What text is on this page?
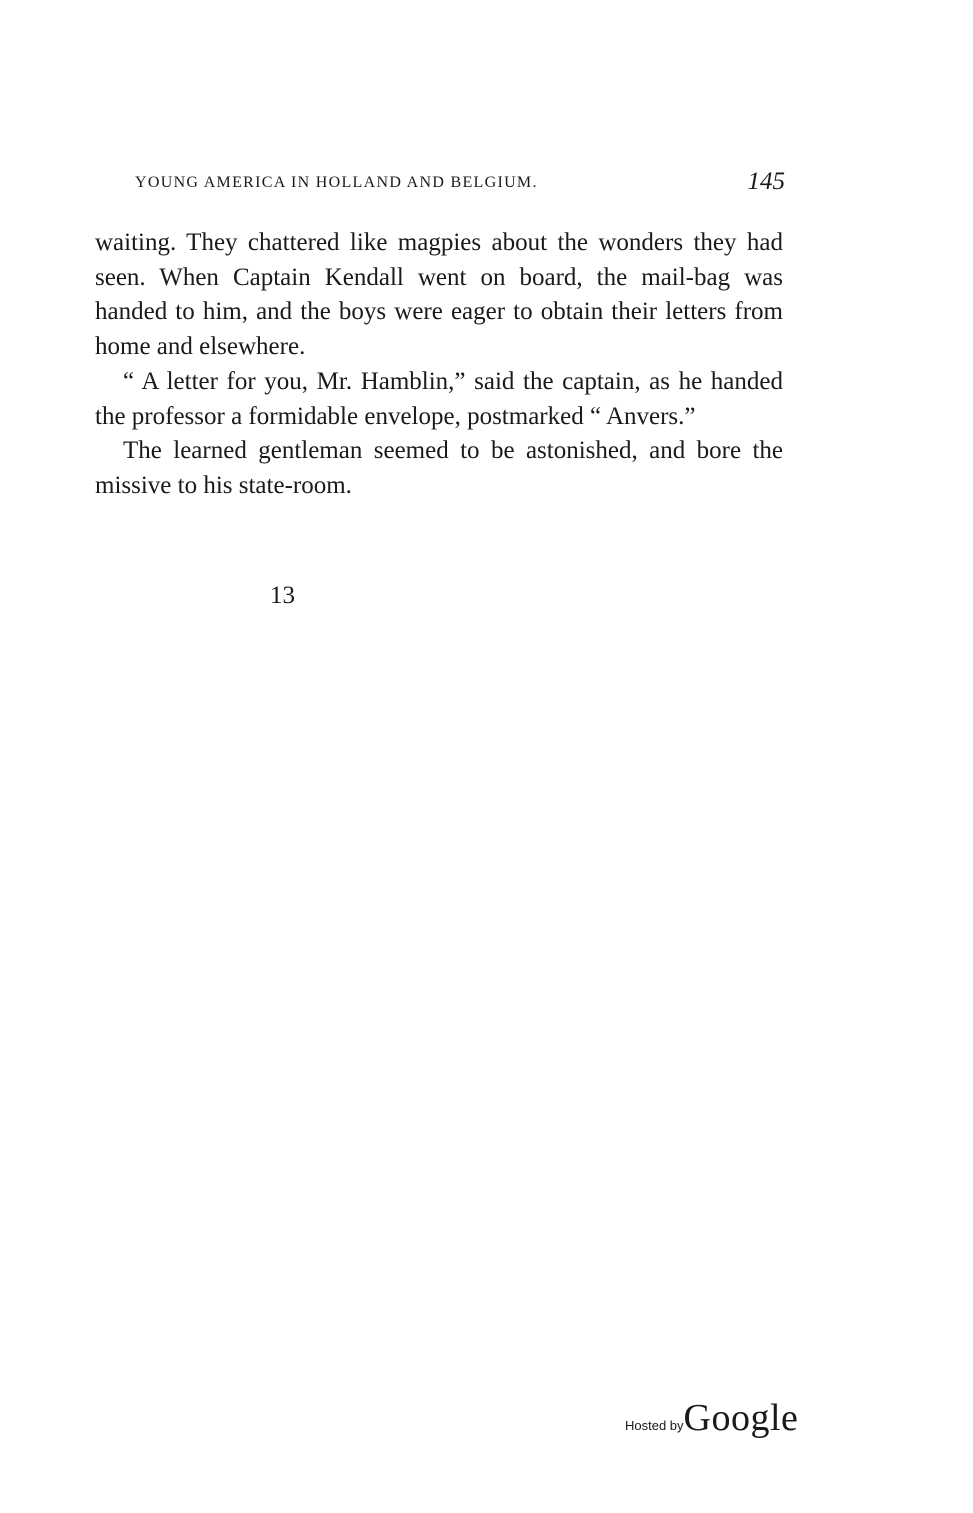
YOUNG AMERICA IN HOLLAND AND BELGIUM.	145

waiting. They chattered like magpies about the wonders they had seen. When Captain Kendall went on board, the mail-bag was handed to him, and the boys were eager to obtain their letters from home and elsewhere.

“ A letter for you, Mr. Hamblin,” said the captain, as he handed the professor a formidable envelope, postmarked “ Anvers.”

The learned gentleman seemed to be astonished, and bore the missive to his state-room.

13
Hosted byGoogle
